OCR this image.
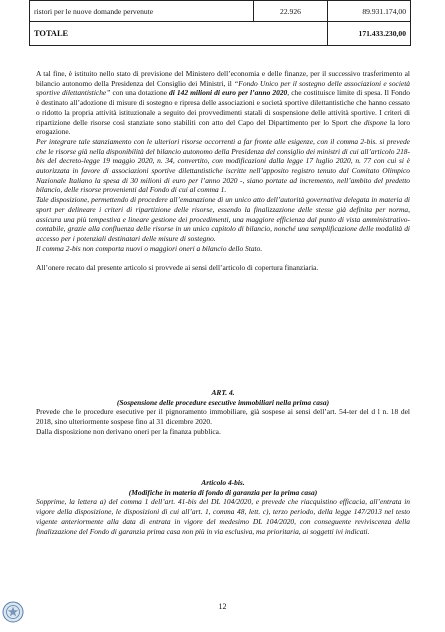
ristori per le nuove domande pervenute	22.926	89.931.174,00
TOTALE		171.433.230,00

A tal fine, è istituito nello stato di previsione del Ministero dell’economia e delle finanze, per il successivo trasferimento al bilancio autonomo della Presidenza del Consiglio dei Ministri, il “Fondo Unico per il sostegno delle associazioni e società sportive dilettantistiche” con una dotazione di 142 milioni di euro per l’anno 2020, che costituisce limite di spesa. Il Fondo è destinato all’adozione di misure di sostegno e ripresa delle associazioni e società sportive dilettantistiche che hanno cessato o ridotto la propria attività istituzionale a seguito dei provvedimenti statali di sospensione delle attività sportive. I criteri di ripartizione delle risorse così stanziate sono stabiliti con atto del Capo del Dipartimento per lo Sport che dispone la loro erogazione.

Per integrare tale stanziamento con le ulteriori risorse occorrenti a far fronte alle esigenze, con il comma 2-bis. si prevede che le risorse già nella disponibilità del bilancio autonomo della Presidenza del consiglio dei ministri di cui all’articolo 218-bis del decreto-legge 19 maggio 2020, n. 34, convertito, con modificazioni dalla legge 17 luglio 2020, n. 77 con cui si è autorizzata in favore di associazioni sportive dilettantistiche iscritte nell’apposito registro tenuto dal Comitato Olimpico Nazionale Italiano la spesa di 30 milioni di euro per l’anno 2020 -, siano portate ad incremento, nell’ambito del predetto bilancio, delle risorse provenienti dal Fondo di cui al comma 1.

Tale disposizione, permettendo di procedere all’emanazione di un unico atto dell’autorità governativa delegata in materia di sport per delineare i criteri di ripartizione delle risorse, essendo la finalizzazione delle stesse già definita per norma, assicura una più tempestiva e lineare gestione dei procedimenti, una maggiore efficienza dal punto di vista amministrativo-contabile, grazie alla confluenza delle risorse in un unico capitolo di bilancio, nonché una semplificazione delle modalità di accesso per i potenziali destinatari delle misure di sostegno.

Il comma 2-bis non comporta nuovi o maggiori oneri a bilancio dello Stato.

All’onere recato dal presente articolo si provvede ai sensi dell’articolo di copertura finanziaria.

ART. 4.

(Sospensione delle procedure esecutive immobiliari nella prima casa)

Prevede che le procedure esecutive per il pignoramento immobiliare, già sospese ai sensi dell’art. 54-ter del d l n. 18 del 2018, sino ulteriormente sospese fino al 31 dicembre 2020.

Dalla disposizione non derivano oneri per la finanza pubblica.

Articolo 4-bis.

(Modifiche in materia di fondo di garanzia per la prima casa)

Sopprime, la lettera a) del comma 1 dell’art. 41-bis del DL 104/2020, e prevede che riacquistino efficacia, all’entrata in vigore della disposizione, le disposizioni di cui all’art. 1, comma 48, lett. c), terzo periodo, della legge 147/2013 nel testo vigente anteriormente alla data di entrata in vigore del medesimo DL 104/2020, con conseguente reviviscenza della finalizzazione del Fondo di garanzia prima casa non più in via esclusiva, ma prioritaria, ai soggetti ivi indicati.

12
